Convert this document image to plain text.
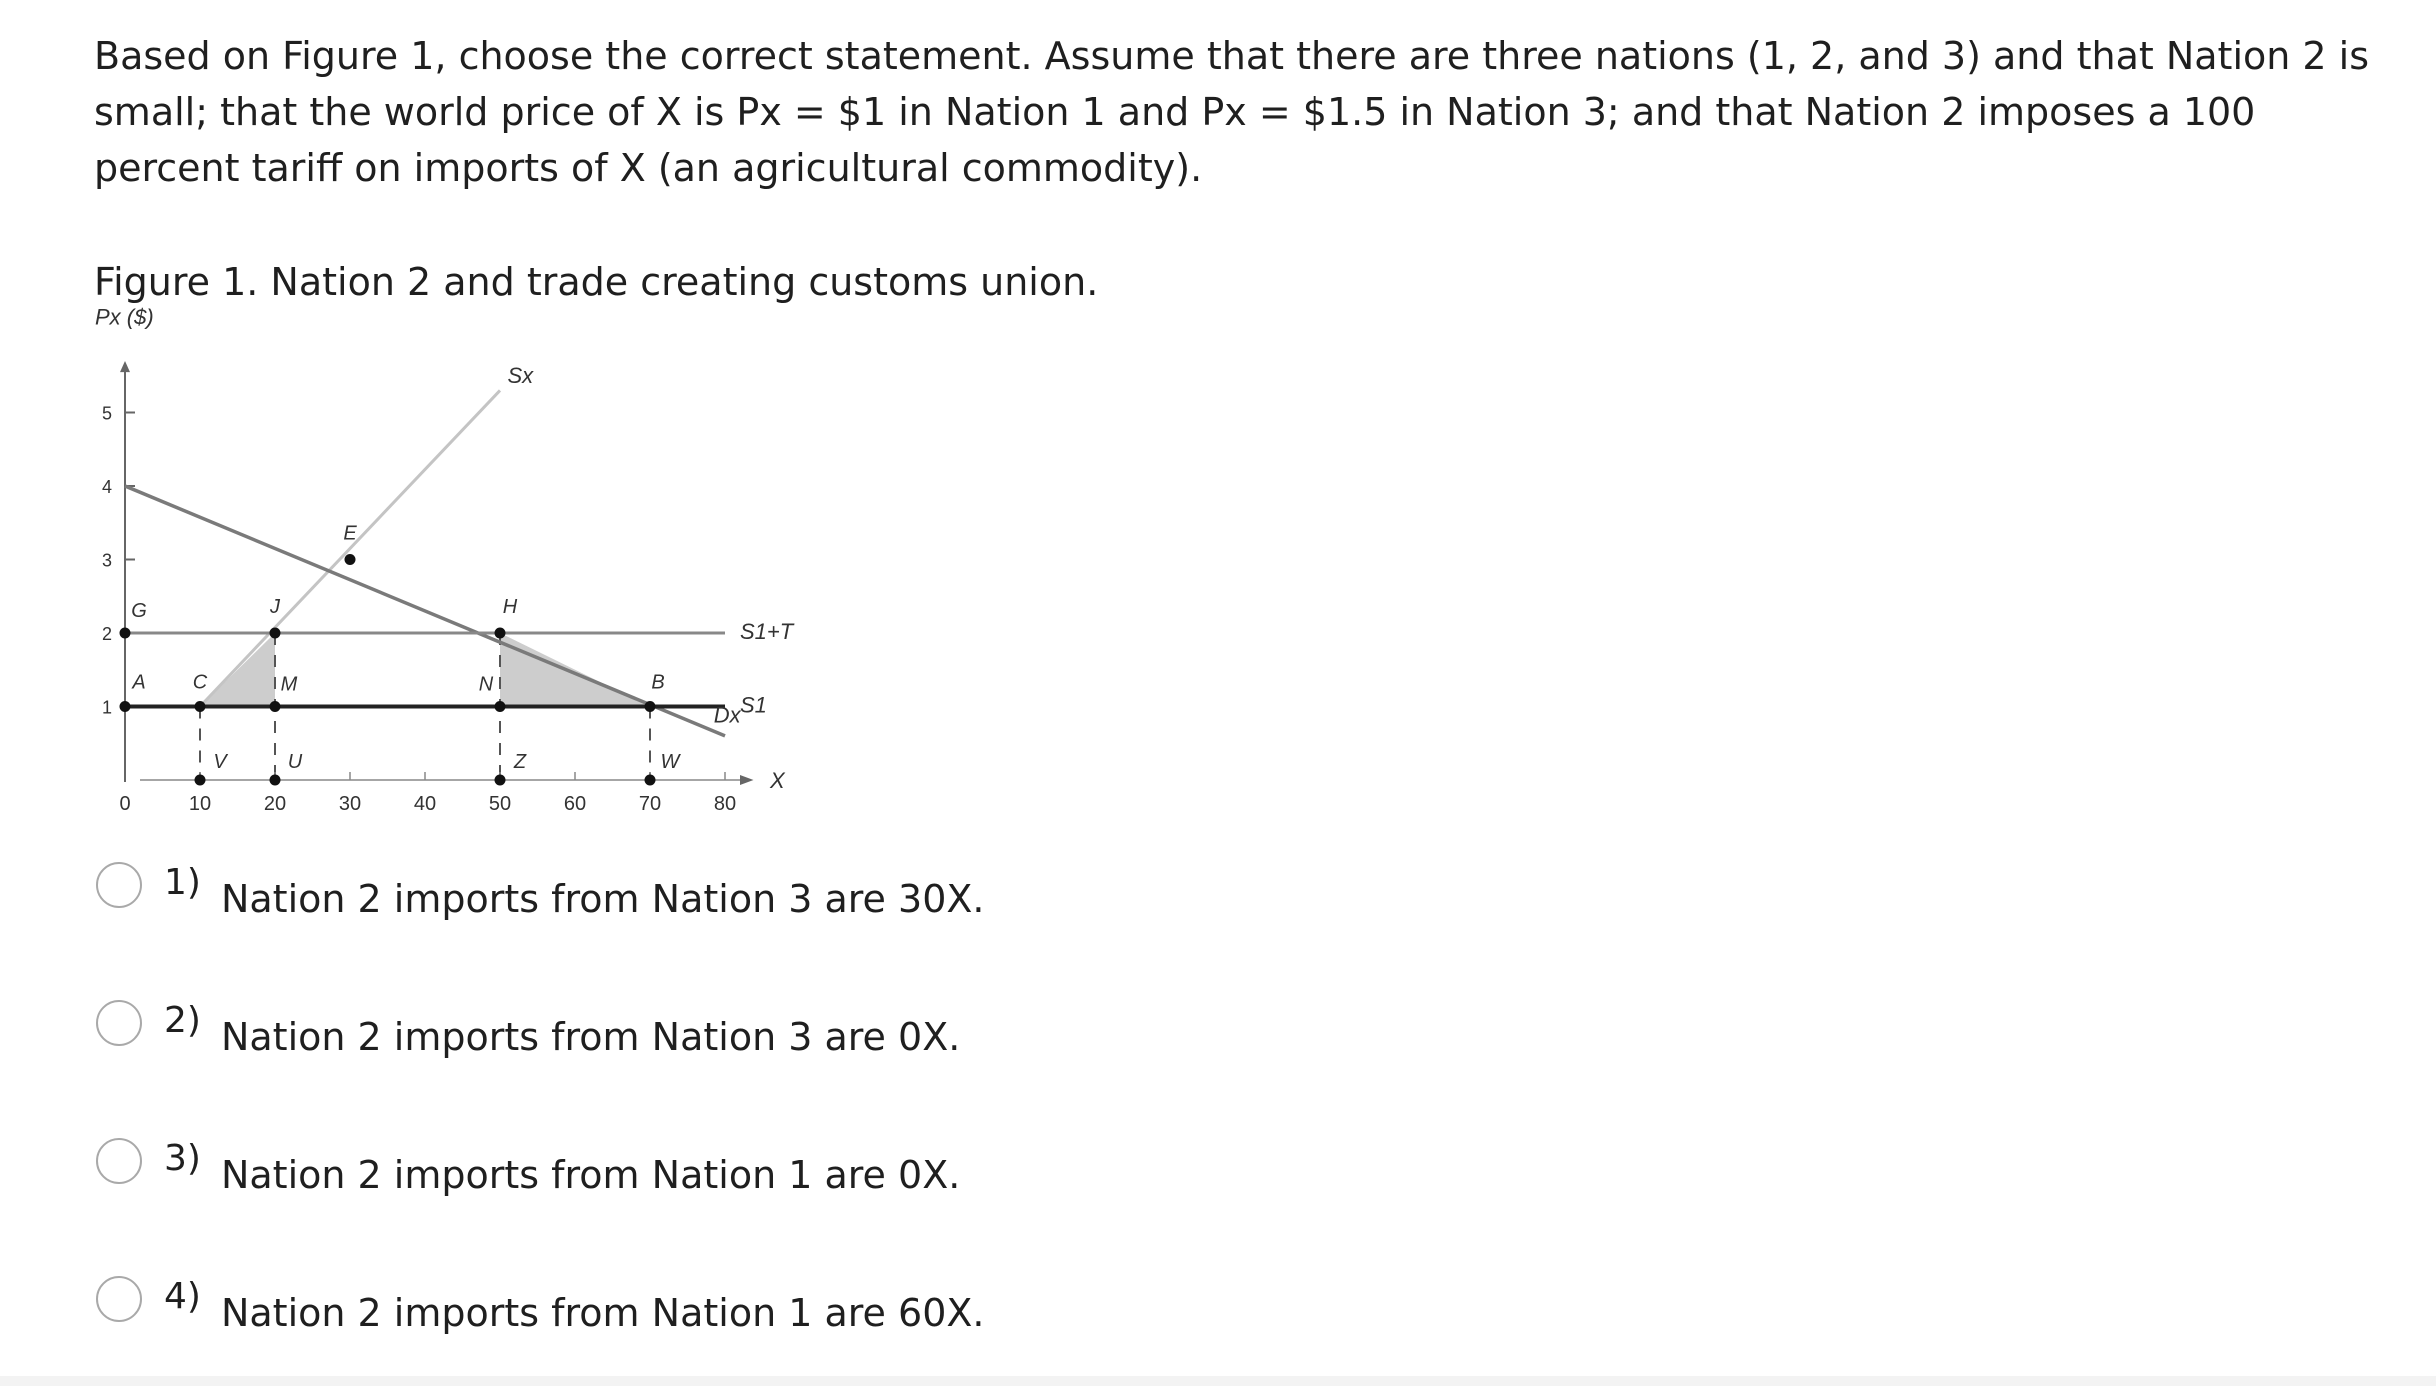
Based on Figure 1, choose the correct statement. Assume that there are three nations (1, 2, and 3) and that Nation 2 is small; that the world price of X is Px = $1 in Nation 1 and Px = $1.5 in Nation 3; and that Nation 2 imposes a 100 percent tariff on imports of X (an agricultural commodity).

Figure 1. Nation 2 and trade creating customs union.

1
2
3
4
5
0	10	20	30	40	50	60	70	80
Sx
Dx
S1+T
S1
Px ($)
X
E
G	J	H
A C	M	N	B
V	U	Z	W
1) Nation 2 imports from Nation 3 are 30X.
2) Nation 2 imports from Nation 3 are 0X.
3) Nation 2 imports from Nation 1 are 0X.
4) Nation 2 imports from Nation 1 are 60X.
